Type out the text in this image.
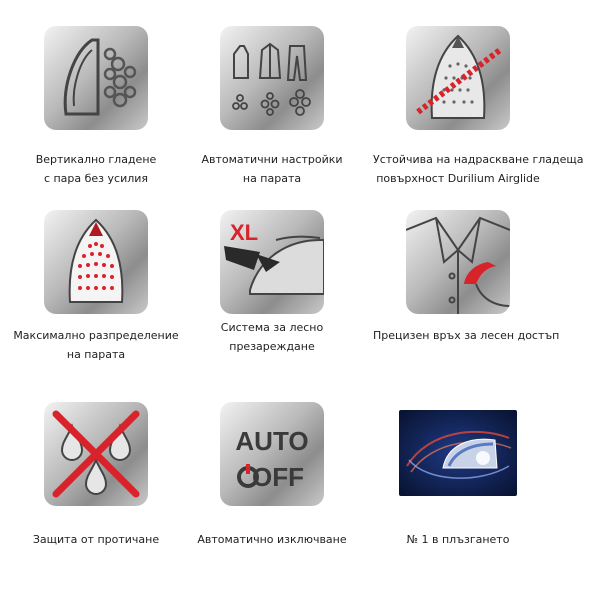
Вертикално гладене
с пара без усилия
Автоматични настройки
на парата
Устойчива на надраскване гладеща
повърхност Durilium Airglide
Максимално разпределение
на парата
XL
Система за лесно
презареждане
Прецизен връх за лесен достъп
Защита от протичане
AUTO
OFF
Автоматично изключване	№ 1 в плъзгането
